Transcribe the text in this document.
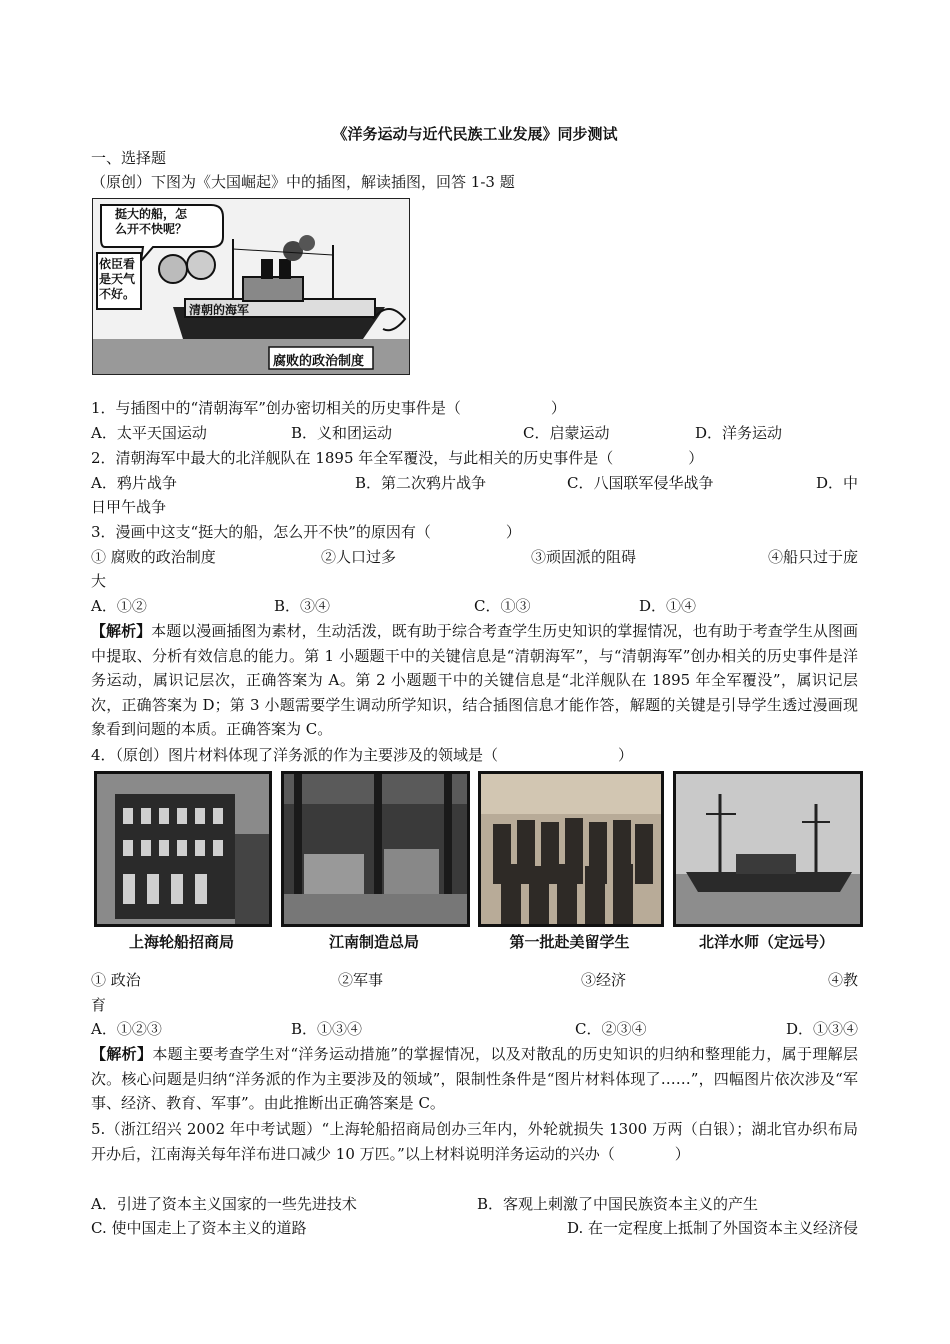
《洋务运动与近代民族工业发展》同步测试
一、选择题
（原创）下图为《大国崛起》中的插图，解读插图，回答 1-3 题
挺大的船，怎
么开不快呢？
依臣看
是天气
不好。
清朝的海军
腐败的政治制度
1．与插图中的“清朝海军”创办密切相关的历史事件是（　　　　　　）
A．太平天国运动	B．义和团运动	C．启蒙运动	D．洋务运动
2．清朝海军中最大的北洋舰队在 1895 年全军覆没，与此相关的历史事件是（　　　　　）
A．鸦片战争	B．第二次鸦片战争	C．八国联军侵华战争	D．中
日甲午战争
3．漫画中这支“挺大的船，怎么开不快”的原因有（　　　　　）
① 腐败的政治制度	②人口过多	③顽固派的阻碍	④船只过于庞
大
A．①②	B．③④	C．①③	D．①④
【解析】本题以漫画插图为素材，生动活泼，既有助于综合考查学生历史知识的掌握情况，也有助于考查学生从图画中提取、分析有效信息的能力。第 1 小题题干中的关键信息是“清朝海军”，与“清朝海军”创办相关的历史事件是洋务运动，属识记层次，正确答案为 A。第 2 小题题干中的关键信息是“北洋舰队在 1895 年全军覆没”，属识记层次，正确答案为 D；第 3 小题需要学生调动所学知识，结合插图信息才能作答，解题的关键是引导学生透过漫画现象看到问题的本质。正确答案为 C。
4．（原创）图片材料体现了洋务派的作为主要涉及的领域是（　　　　　　　　）
上海轮船招商局	江南制造总局	第一批赴美留学生	北洋水师（定远号）
① 政治	②军事	③经济	④教
育
A．①②③	B．①③④	C．②③④	D．①③④
【解析】本题主要考查学生对“洋务运动措施”的掌握情况，以及对散乱的历史知识的归纳和整理能力，属于理解层次。核心问题是归纳“洋务派的作为主要涉及的领域”，限制性条件是“图片材料体现了……”，四幅图片依次涉及“军事、经济、教育、军事”。由此推断出正确答案是 C。
5.（浙江绍兴 2002 年中考试题）“上海轮船招商局创办三年内，外轮就损失 1300 万两（白银）；湖北官办织布局开办后，江南海关每年洋布进口减少 10 万匹。”以上材料说明洋务运动的兴办（　　　　）
A．引进了资本主义国家的一些先进技术	B．客观上刺激了中国民族资本主义的产生
C. 使中国走上了资本主义的道路	D. 在一定程度上抵制了外国资本主义经济侵
